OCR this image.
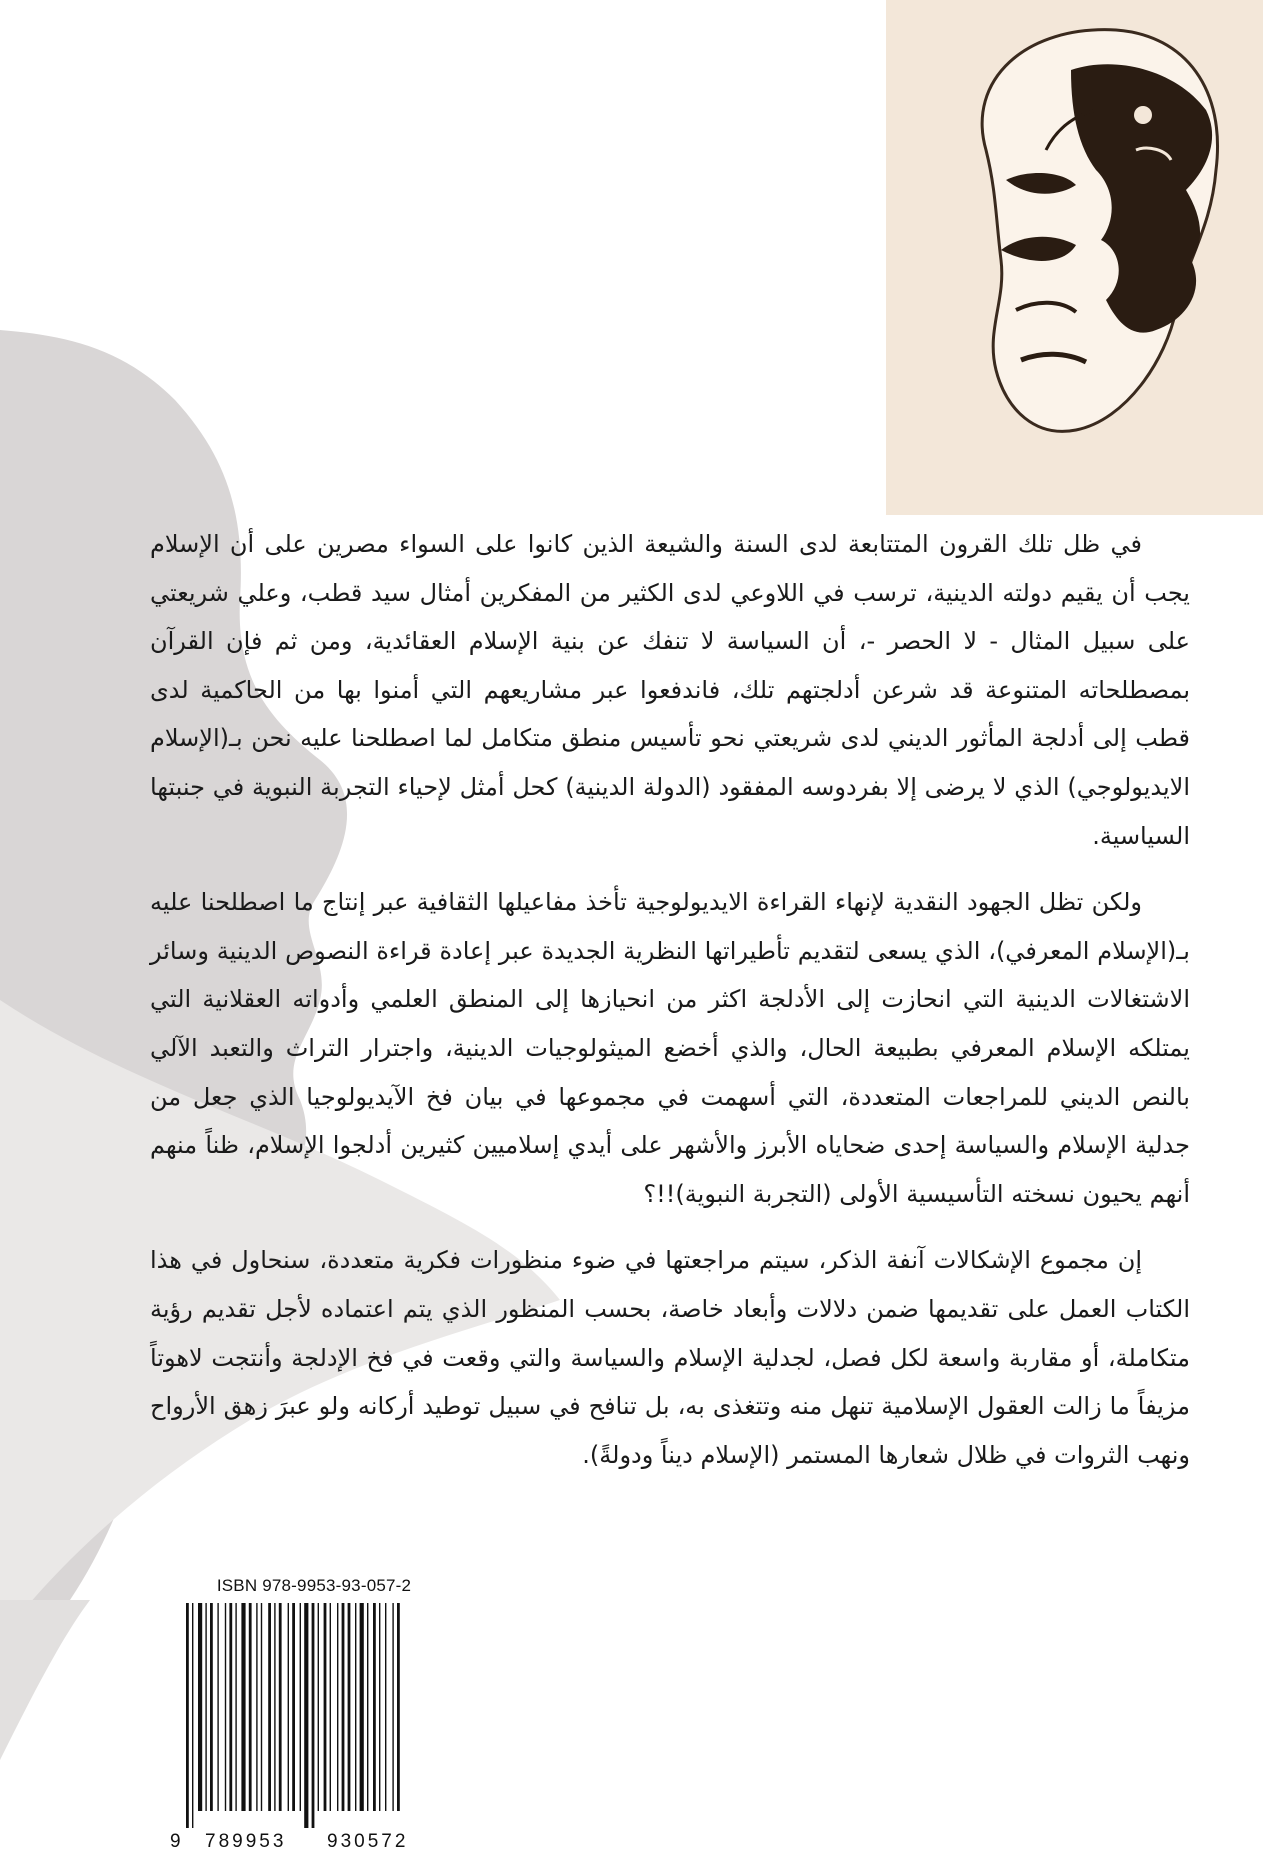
في ظل تلك القرون المتتابعة لدى السنة والشيعة الذين كانوا على السواء مصرين على أن الإسلام يجب أن يقيم دولته الدينية، ترسب في اللاوعي لدى الكثير من المفكرين أمثال سيد قطب، وعلي شريعتي على سبيل المثال - لا الحصر -، أن السياسة لا تنفك عن بنية الإسلام العقائدية، ومن ثم فإن القرآن بمصطلحاته المتنوعة قد شرعن أدلجتهم تلك، فاندفعوا عبر مشاريعهم التي أمنوا بها من الحاكمية لدى قطب إلى أدلجة المأثور الديني لدى شريعتي نحو تأسيس منطق متكامل لما اصطلحنا عليه نحن بـ(الإسلام الايديولوجي) الذي لا يرضى إلا بفردوسه المفقود (الدولة الدينية) كحل أمثل لإحياء التجربة النبوية في جنبتها السياسية.

ولكن تظل الجهود النقدية لإنهاء القراءة الايديولوجية تأخذ مفاعيلها الثقافية عبر إنتاج ما اصطلحنا عليه بـ(الإسلام المعرفي)، الذي يسعى لتقديم تأطيراتها النظرية الجديدة عبر إعادة قراءة النصوص الدينية وسائر الاشتغالات الدينية التي انحازت إلى الأدلجة اكثر من انحيازها إلى المنطق العلمي وأدواته العقلانية التي يمتلكه الإسلام المعرفي بطبيعة الحال، والذي أخضع الميثولوجيات الدينية، واجترار التراث والتعبد الآلي بالنص الديني للمراجعات المتعددة، التي أسهمت في مجموعها في بيان فخ الآيديولوجيا الذي جعل من جدلية الإسلام والسياسة إحدى ضحاياه الأبرز والأشهر على أيدي إسلاميين كثيرين أدلجوا الإسلام، ظناً منهم أنهم يحيون نسخته التأسيسية الأولى (التجربة النبوية)!!؟

إن مجموع الإشكالات آنفة الذكر، سيتم مراجعتها في ضوء منظورات فكرية متعددة، سنحاول في هذا الكتاب العمل على تقديمها ضمن دلالات وأبعاد خاصة، بحسب المنظور الذي يتم اعتماده لأجل تقديم رؤية متكاملة، أو مقاربة واسعة لكل فصل، لجدلية الإسلام والسياسة والتي وقعت في فخ الإدلجة وأنتجت لاهوتاً مزيفاً ما زالت العقول الإسلامية تنهل منه وتتغذى به، بل تنافح في سبيل توطيد أركانه ولو عبرَ زهق الأرواح ونهب الثروات في ظلال شعارها المستمر (الإسلام ديناً ودولةً).

ISBN 978-9953-93-057-2
9 789953 930572
